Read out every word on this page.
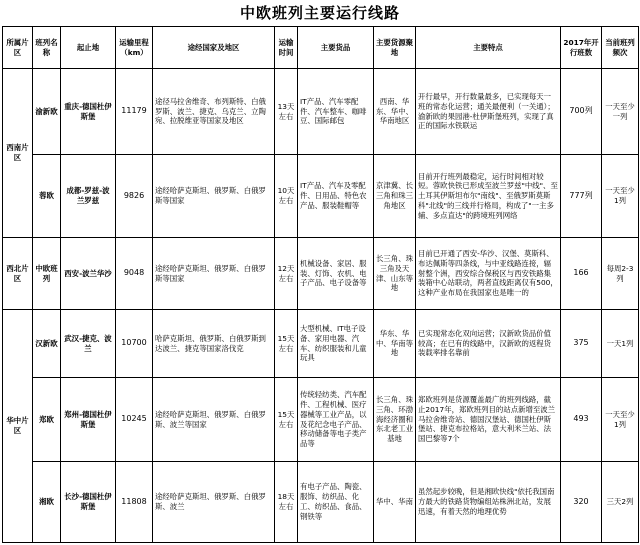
中欧班列主要运行线路
所属片区	班列名称	起止地	运输里程（km）	途经国家及地区	运输时间	主要货品	主要货源聚地	主要特点	2017年开行班数	当前班列频次
西南片区	渝新欧	重庆-德国杜伊斯堡	11179	途径马拉舍维奇、布列斯特、白俄罗斯、波兰、捷克、乌克兰、立陶宛、拉脱维亚等国家及地区	13天左右	IT产品、汽车零配件、汽车整车、咖啡豆、国际邮包	西南、华东、华中、华南地区	开行最早，开行数量最多，已实现每天一班的常态化运营；通关最便利（一关通）；渝新欧的果园港-杜伊斯堡班列，实现了真正的国际水铁联运	700列	一天至少一列
	蓉欧	成都-罗兹-波兰罗兹	9826	途经哈萨克斯坦、俄罗斯、白俄罗斯等国家	10天左右	IT产品、汽车及零配件、日用品、特色农产品、服装鞋帽等	京津冀、长三角和珠三角地区	目前开行班列最稳定，运行时间相对较短。蓉欧快铁已形成至波兰罗兹"中线"、至土耳其伊斯坦布尔"南线"、至俄罗斯莫斯科"北线"的三线并行格局，构成了"一主多辅、多点直达"的跨境班列网络	777列	一天至少1列
西北片区	中欧班列	西安-波兰华沙	9048	途经哈萨克斯坦、俄罗斯、白俄罗斯等国家	12天左右	机械设备、家居、服装、灯饰、农机、电子产品、电子设备等	长三角、珠三角及天津、山东等地	目前已开通了西安-华沙、汉堡、莫斯科、布达佩斯等四条线，与中亚线路连接，辐射整个洲，西安综合保税区与西安铁路集装箱中心站联动，两者直线距离仅有500，这种产业布局在我国家也是唯一的	166	每周2-3列
华中片区	汉新欧	武汉-捷克、波兰	10700	哈萨克斯坦、俄罗斯、白俄罗斯到达波兰、捷克等国家洛伐克	15天左右	大型机械、IT电子设备、家用电器、汽车、纺织服装和儿童玩具	华东、华中、华南等地	已实现常态化双向运营；汉新欧货品价值较高；在已有的线路中，汉新欧的返程货装载率排名靠前	375	一天1列
	郑欧	郑州-德国杜伊斯堡	10245	途经哈萨克斯坦、俄罗斯、白俄罗斯、波兰等国家	15天左右	传统轻纺类、汽车配件、工程机械、医疗器械等工业产品，以及花纪念电子产品、移动储备等电子类产品等	长三角、珠三角、环渤海经济圈和东北老工业基地	郑欧班列是货源覆盖最广的班列线路，截止2017年，郑欧班列目的站点新增至波兰马拉舍维奇站、德国汉堡站、德国杜伊斯堡站、捷克布拉格站，意大利米兰站、法国巴黎等7个	493	一天至少1列
	湘欧	长沙-德国杜伊斯堡	11808	途经哈萨克斯坦、俄罗斯、白俄罗斯、波兰	18天左右	有电子产品、陶瓷、服饰、纺织品、化工、纺织品、食品、钢铁等	华中、华南	虽然起步较晚，但是湘欧快线"依托我国南方最大的铁路货物编组站株洲北站，发展迅速，有着天然的地理优势	320	三天2列
